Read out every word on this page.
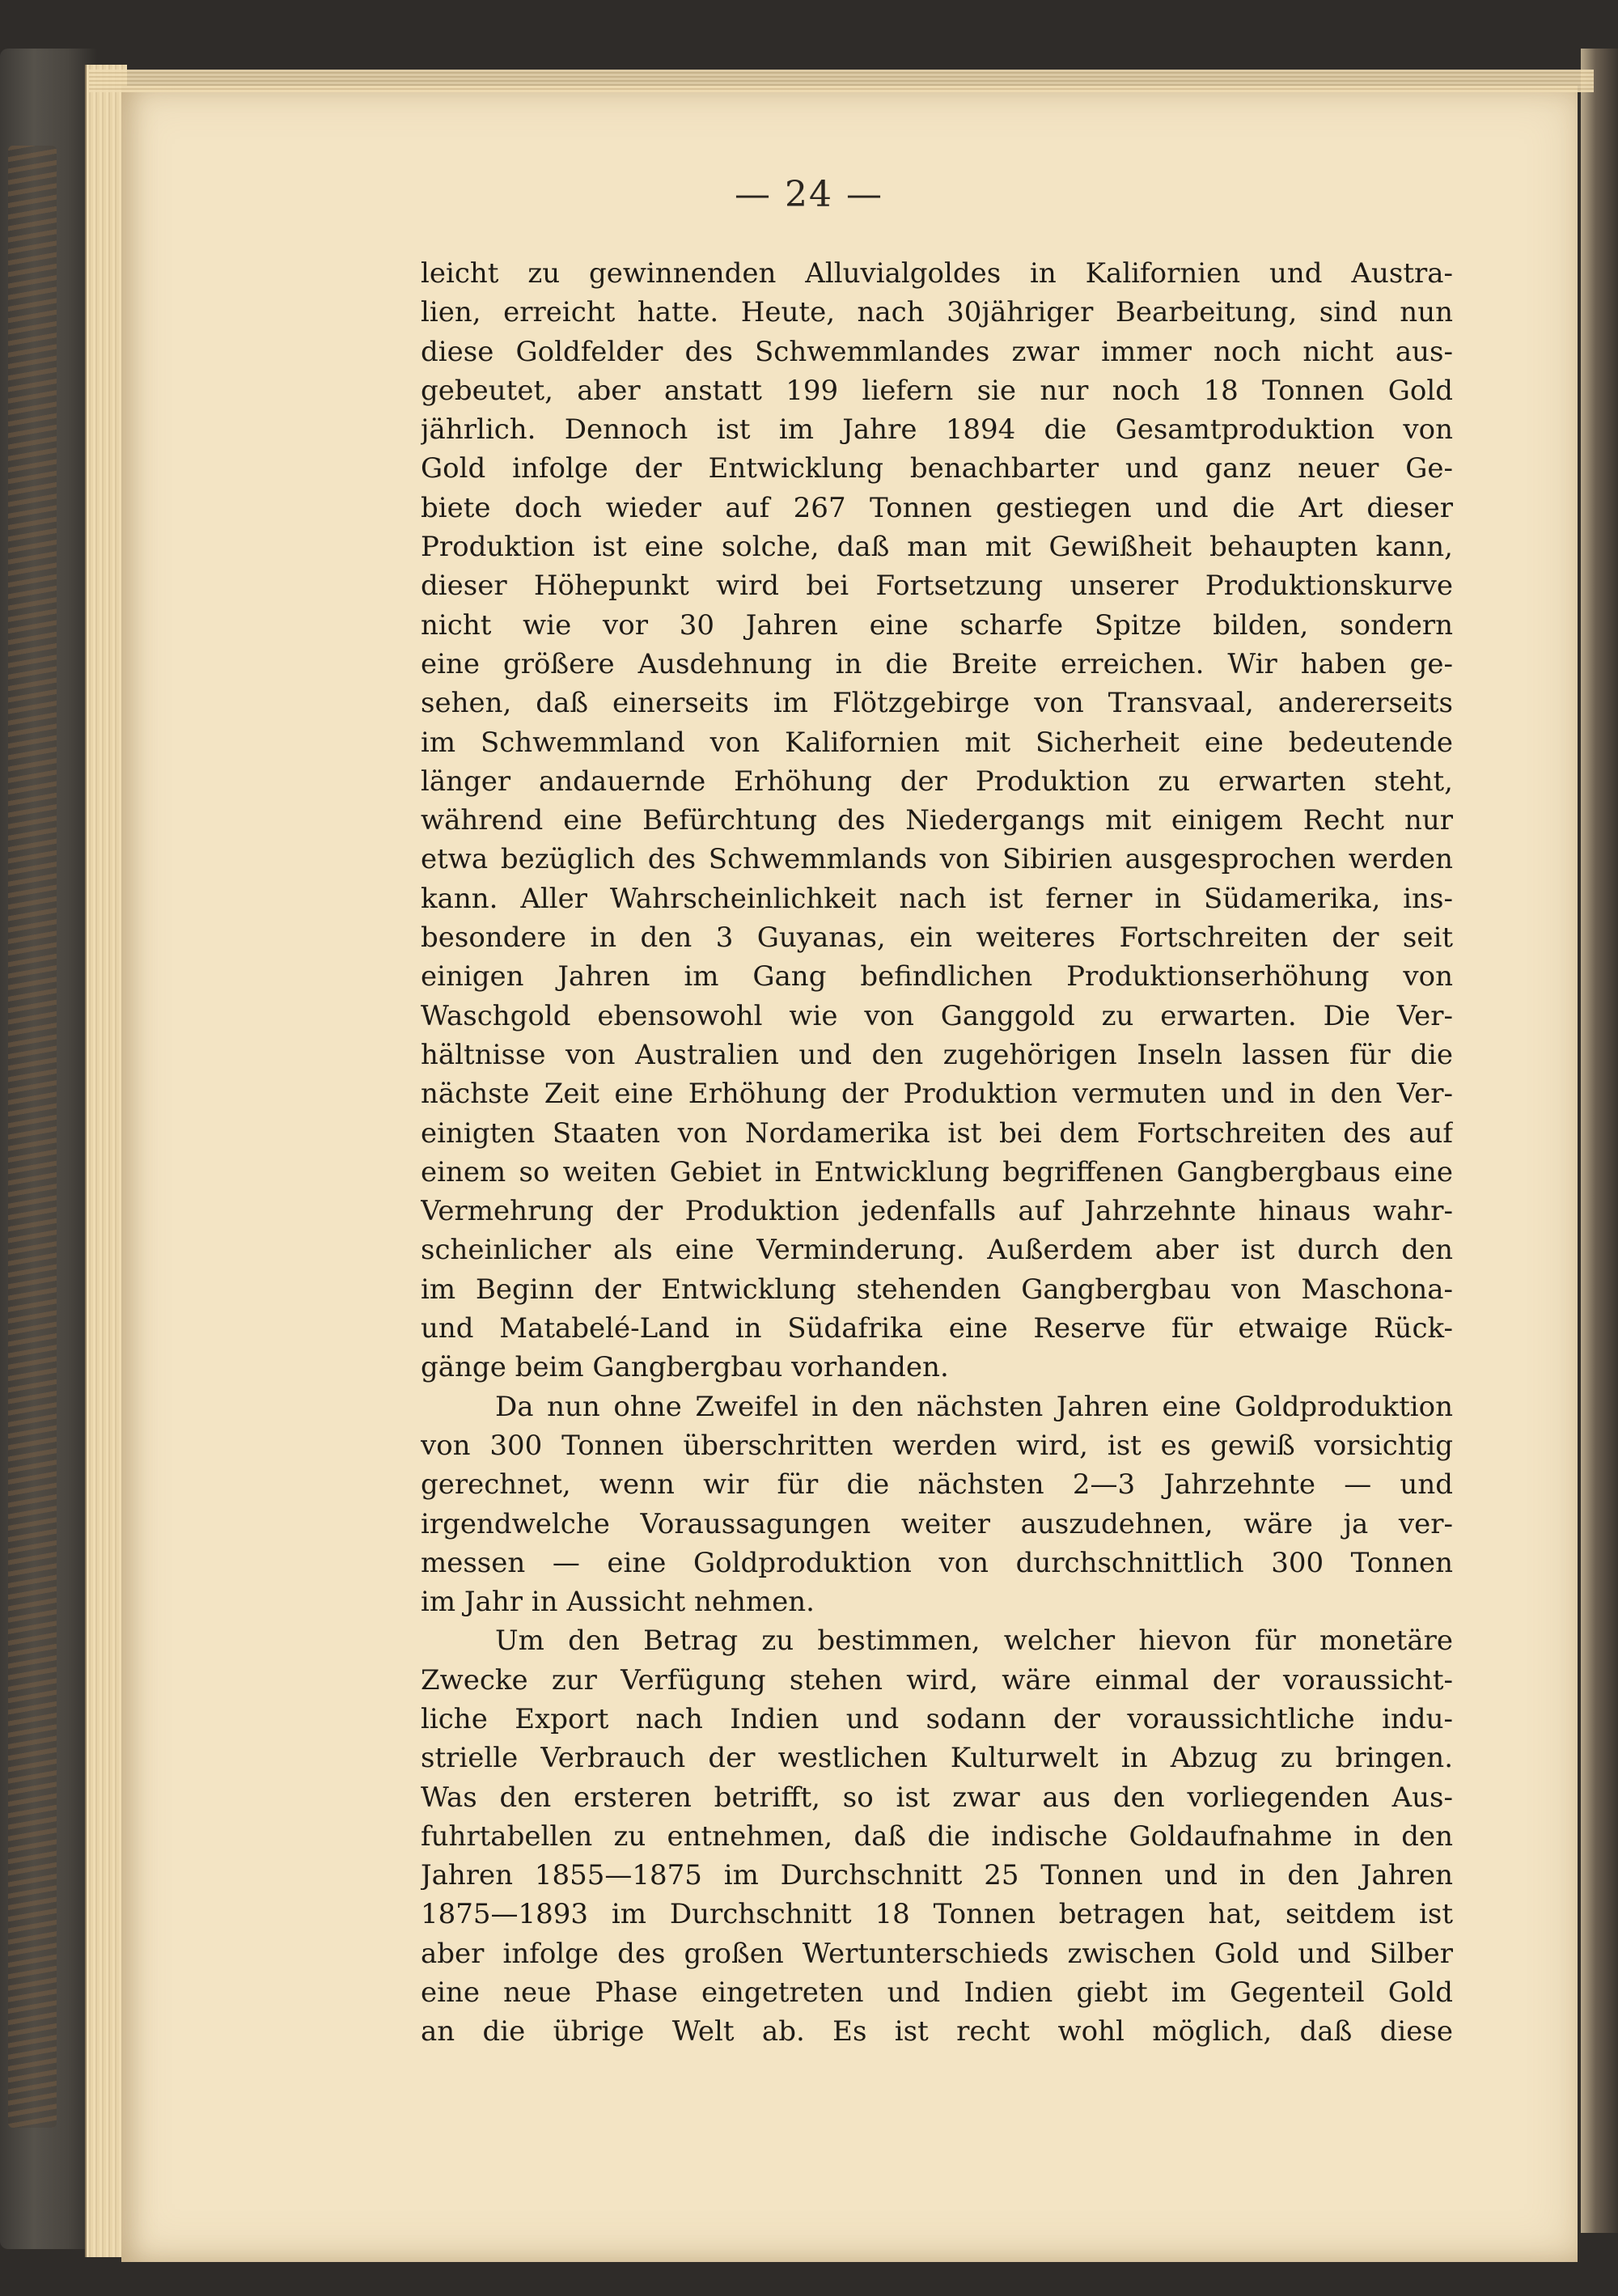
— 24 —
leicht zu gewinnenden Alluvialgoldes in Kalifornien und Austra-
lien, erreicht hatte. Heute, nach 30jähriger Bearbeitung, sind nun
diese Goldfelder des Schwemmlandes zwar immer noch nicht aus-
gebeutet, aber anstatt 199 liefern sie nur noch 18 Tonnen Gold
jährlich. Dennoch ist im Jahre 1894 die Gesamtproduktion von
Gold infolge der Entwicklung benachbarter und ganz neuer Ge-
biete doch wieder auf 267 Tonnen gestiegen und die Art dieser
Produktion ist eine solche, daß man mit Gewißheit behaupten kann,
dieser Höhepunkt wird bei Fortsetzung unserer Produktionskurve
nicht wie vor 30 Jahren eine scharfe Spitze bilden, sondern
eine größere Ausdehnung in die Breite erreichen. Wir haben ge-
sehen, daß einerseits im Flötzgebirge von Transvaal, andererseits
im Schwemmland von Kalifornien mit Sicherheit eine bedeutende
länger andauernde Erhöhung der Produktion zu erwarten steht,
während eine Befürchtung des Niedergangs mit einigem Recht nur
etwa bezüglich des Schwemmlands von Sibirien ausgesprochen werden
kann. Aller Wahrscheinlichkeit nach ist ferner in Südamerika, ins-
besondere in den 3 Guyanas, ein weiteres Fortschreiten der seit
einigen Jahren im Gang befindlichen Produktionserhöhung von
Waschgold ebensowohl wie von Ganggold zu erwarten. Die Ver-
hältnisse von Australien und den zugehörigen Inseln lassen für die
nächste Zeit eine Erhöhung der Produktion vermuten und in den Ver-
einigten Staaten von Nordamerika ist bei dem Fortschreiten des auf
einem so weiten Gebiet in Entwicklung begriffenen Gangbergbaus eine
Vermehrung der Produktion jedenfalls auf Jahrzehnte hinaus wahr-
scheinlicher als eine Verminderung. Außerdem aber ist durch den
im Beginn der Entwicklung stehenden Gangbergbau von Maschona-
und Matabelé-Land in Südafrika eine Reserve für etwaige Rück-
gänge beim Gangbergbau vorhanden.
Da nun ohne Zweifel in den nächsten Jahren eine Goldproduktion
von 300 Tonnen überschritten werden wird, ist es gewiß vorsichtig
gerechnet, wenn wir für die nächsten 2—3 Jahrzehnte — und
irgendwelche Voraussagungen weiter auszudehnen, wäre ja ver-
messen — eine Goldproduktion von durchschnittlich 300 Tonnen
im Jahr in Aussicht nehmen.
Um den Betrag zu bestimmen, welcher hievon für monetäre
Zwecke zur Verfügung stehen wird, wäre einmal der voraussicht-
liche Export nach Indien und sodann der voraussichtliche indu-
strielle Verbrauch der westlichen Kulturwelt in Abzug zu bringen.
Was den ersteren betrifft, so ist zwar aus den vorliegenden Aus-
fuhrtabellen zu entnehmen, daß die indische Goldaufnahme in den
Jahren 1855—1875 im Durchschnitt 25 Tonnen und in den Jahren
1875—1893 im Durchschnitt 18 Tonnen betragen hat, seitdem ist
aber infolge des großen Wertunterschieds zwischen Gold und Silber
eine neue Phase eingetreten und Indien giebt im Gegenteil Gold
an die übrige Welt ab. Es ist recht wohl möglich, daß diese
